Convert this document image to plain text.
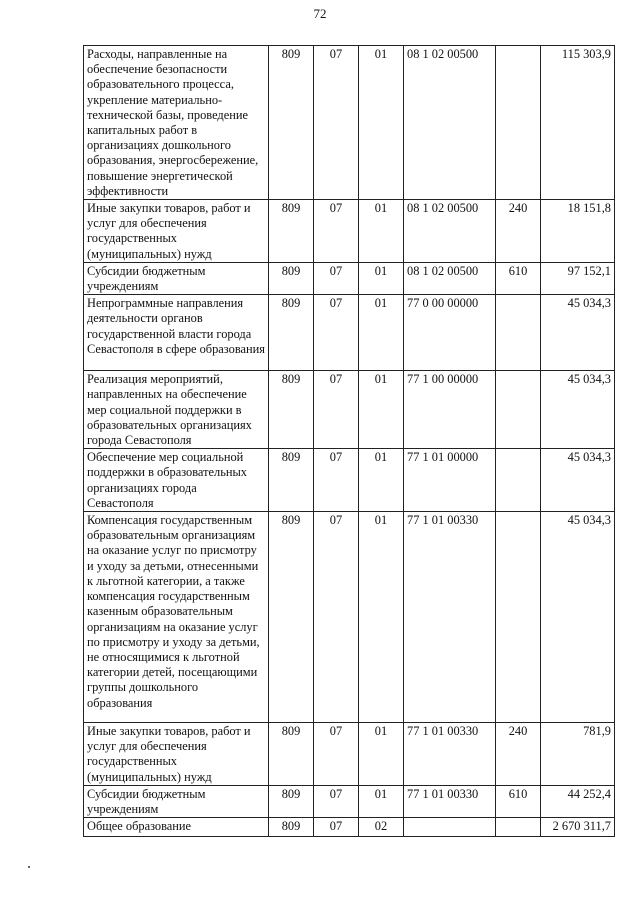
72
Расходы, направленные на обеспечение безопасности образовательного процесса, укрепление материально-технической базы, проведение капитальных работ в организациях дошкольного образования, энергосбережение, повышение энергетической эффективности	809	07	01	08 1 02 00500		115 303,9
Иные закупки товаров, работ и услуг для обеспечения государственных (муниципальных) нужд	809	07	01	08 1 02 00500	240	18 151,8
Субсидии бюджетным учреждениям	809	07	01	08 1 02 00500	610	97 152,1
Непрограммные направления деятельности органов государственной власти города Севастополя в сфере образования	809	07	01	77 0 00 00000		45 034,3
Реализация мероприятий, направленных на обеспечение мер социальной поддержки в образовательных организациях города Севастополя	809	07	01	77 1 00 00000		45 034,3
Обеспечение мер социальной поддержки в образовательных организациях города Севастополя	809	07	01	77 1 01 00000		45 034,3
Компенсация государственным образовательным организациям на оказание услуг по присмотру и уходу за детьми, отнесенными к льготной категории, а также компенсация государственным казенным образовательным организациям на оказание услуг по присмотру и уходу за детьми, не относящимися к льготной категории детей, посещающими группы дошкольного образования	809	07	01	77 1 01 00330		45 034,3
Иные закупки товаров, работ и услуг для обеспечения государственных (муниципальных) нужд	809	07	01	77 1 01 00330	240	781,9
Субсидии бюджетным учреждениям	809	07	01	77 1 01 00330	610	44 252,4
Общее образование	809	07	02			2 670 311,7
